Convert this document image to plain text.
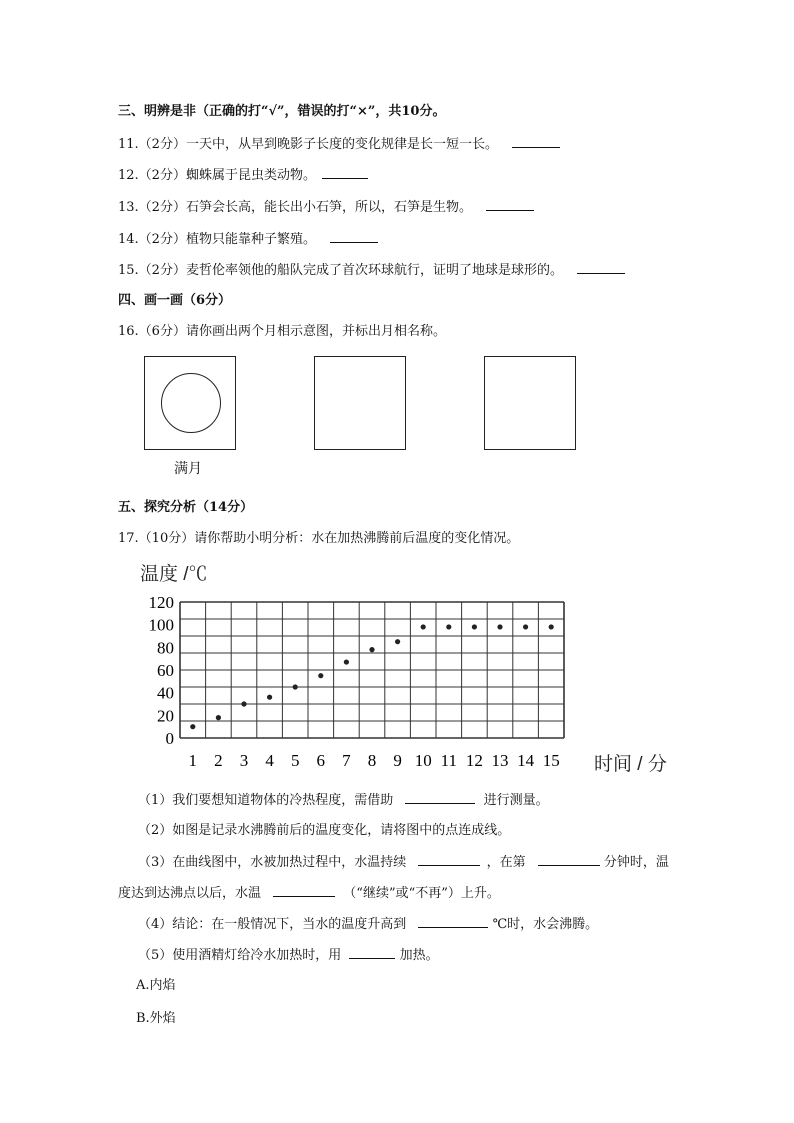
三、明辨是非（正确的打“√”，错误的打“×”，共10分。
11.（2分）一天中，从早到晚影子长度的变化规律是长一短一长。
12.（2分）蜘蛛属于昆虫类动物。
13.（2分）石笋会长高，能长出小石笋，所以，石笋是生物。
14.（2分）植物只能靠种子繁殖。
15.（2分）麦哲伦率领他的船队完成了首次环球航行，证明了地球是球形的。
四、画一画（6分）
16.（6分）请你画出两个月相示意图，并标出月相名称。
满月
五、探究分析（14分）
17.（10分）请你帮助小明分析：水在加热沸腾前后温度的变化情况。
温度 /℃
时间 / 分
0
20
40
60
80
100
120
1 2 3 4 5 6 7 8 9 10 11 12 13 14 15
（1）我们要想知道物体的冷热程度，需借助	进行测量。
（2）如图是记录水沸腾前后的温度变化，请将图中的点连成线。
（3）在曲线图中，水被加热过程中，水温持续	，在第	分钟时，温
度达到达沸点以后，水温	（“继续”或“不再”）上升。
（4）结论：在一般情况下，当水的温度升高到	℃时，水会沸腾。
（5）使用酒精灯给冷水加热时，用	加热。
A.内焰
B.外焰
